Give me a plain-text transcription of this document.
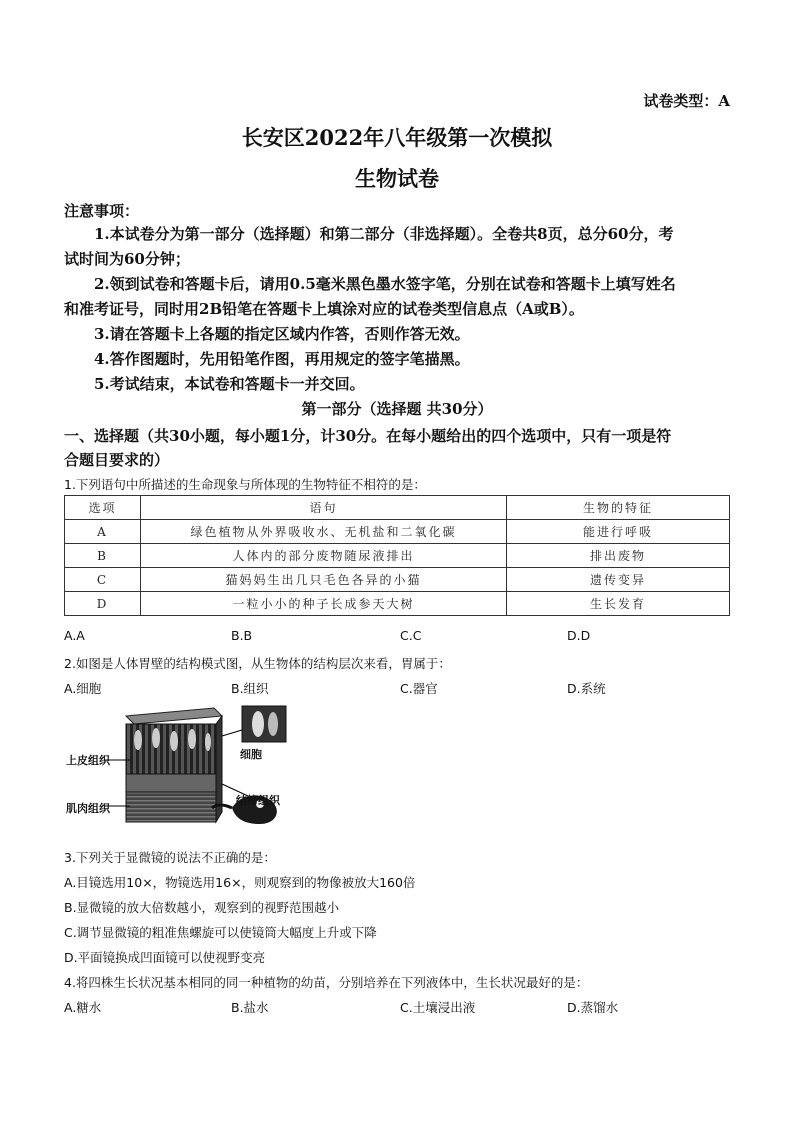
试卷类型：A
长安区2022年八年级第一次模拟
生物试卷
注意事项：
1.本试卷分为第一部分（选择题）和第二部分（非选择题）。全卷共8页，总分60分，考
试时间为60分钟；
2.领到试卷和答题卡后，请用0.5毫米黑色墨水签字笔，分别在试卷和答题卡上填写姓名
和准考证号，同时用2B铅笔在答题卡上填涂对应的试卷类型信息点（A或B）。
3.请在答题卡上各题的指定区域内作答，否则作答无效。
4.答作图题时，先用铅笔作图，再用规定的签字笔描黑。
5.考试结束，本试卷和答题卡一并交回。
第一部分（选择题 共30分）
一、选择题（共30小题，每小题1分，计30分。在每小题给出的四个选项中，只有一项是符
合题目要求的）
1.下列语句中所描述的生命现象与所体现的生物特征不相符的是：
选项	语句	生物的特征
A	绿色植物从外界吸收水、无机盐和二氧化碳	能进行呼吸
B	人体内的部分废物随尿液排出	排出废物
C	猫妈妈生出几只毛色各异的小猫	遗传变异
D	一粒小小的种子长成参天大树	生长发育
A.A	B.B	C.C	D.D
2.如图是人体胃壁的结构模式图，从生物体的结构层次来看，胃属于：
A.细胞	B.组织	C.器官	D.系统
上皮组织
肌肉组织
细胞
结缔组织
3.下列关于显微镜的说法不正确的是：
A.目镜选用10×，物镜选用16×，则观察到的物像被放大160倍
B.显微镜的放大倍数越小，观察到的视野范围越小
C.调节显微镜的粗准焦螺旋可以使镜筒大幅度上升或下降
D.平面镜换成凹面镜可以使视野变亮
4.将四株生长状况基本相同的同一种植物的幼苗，分别培养在下列液体中，生长状况最好的是：
A.糖水	B.盐水	C.土壤浸出液	D.蒸馏水
